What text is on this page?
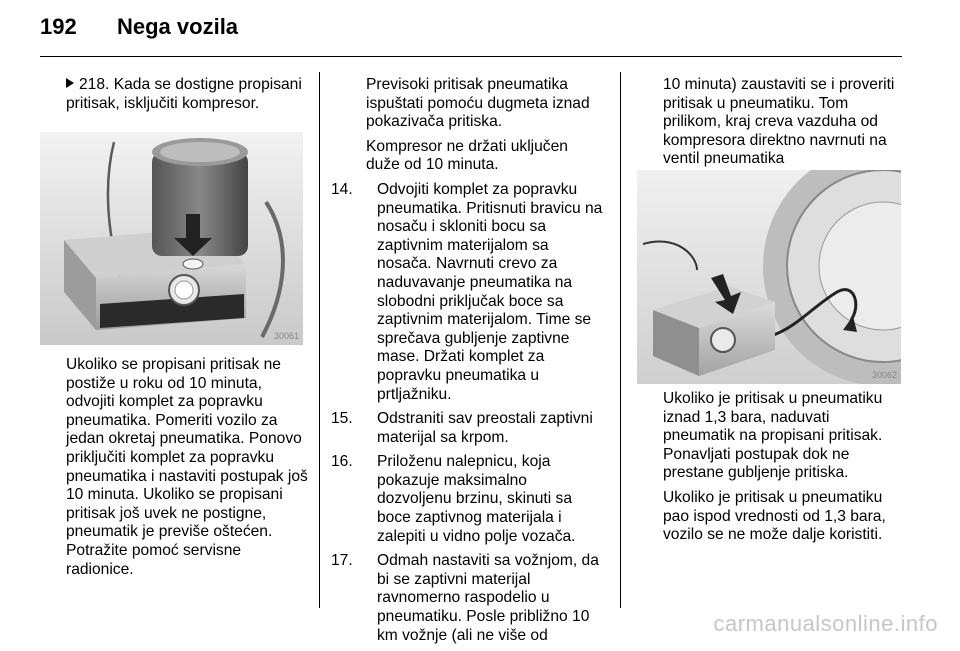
192 Nega vozila

218. Kada se dostigne propisani pritisak, isključiti kompresor.

30061

Ukoliko se propisani pritisak ne postiže u roku od 10 minuta, odvojiti komplet za popravku pneumatika. Pomeriti vozilo za jedan okretaj pneumatika. Ponovo priključiti komplet za popravku pneumatika i nastaviti postupak još 10 minuta. Ukoliko se propisani pritisak još uvek ne postigne, pneumatik je previše oštećen. Potražite pomoć servisne radionice.

Previsoki pritisak pneumatika ispuštati pomoću dugmeta iznad pokazivača pritiska.

Kompresor ne držati uključen duže od 10 minuta.

14. Odvojiti komplet za popravku pneumatika. Pritisnuti bravicu na nosaču i skloniti bocu sa zaptivnim materijalom sa nosača. Navrnuti crevo za naduvavanje pneumatika na slobodni priključak boce sa zaptivnim materijalom. Time se sprečava gubljenje zaptivne mase. Držati komplet za popravku pneumatika u prtljažniku.
15. Odstraniti sav preostali zaptivni materijal sa krpom.
16. Priloženu nalepnicu, koja pokazuje maksimalno dozvoljenu brzinu, skinuti sa boce zaptivnog materijala i zalepiti u vidno polje vozača.
17. Odmah nastaviti sa vožnjom, da bi se zaptivni materijal ravnomerno raspodelio u pneumatiku. Posle približno 10 km vožnje (ali ne više od

10 minuta) zaustaviti se i proveriti pritisak u pneumatiku. Tom prilikom, kraj creva vazduha od kompresora direktno navrnuti na ventil pneumatika

30062

Ukoliko je pritisak u pneumatiku iznad 1,3 bara, naduvati pneumatik na propisani pritisak. Ponavljati postupak dok ne prestane gubljenje pritiska.

Ukoliko je pritisak u pneumatiku pao ispod vrednosti od 1,3 bara, vozilo se ne može dalje koristiti.

carmanualsonline.info
